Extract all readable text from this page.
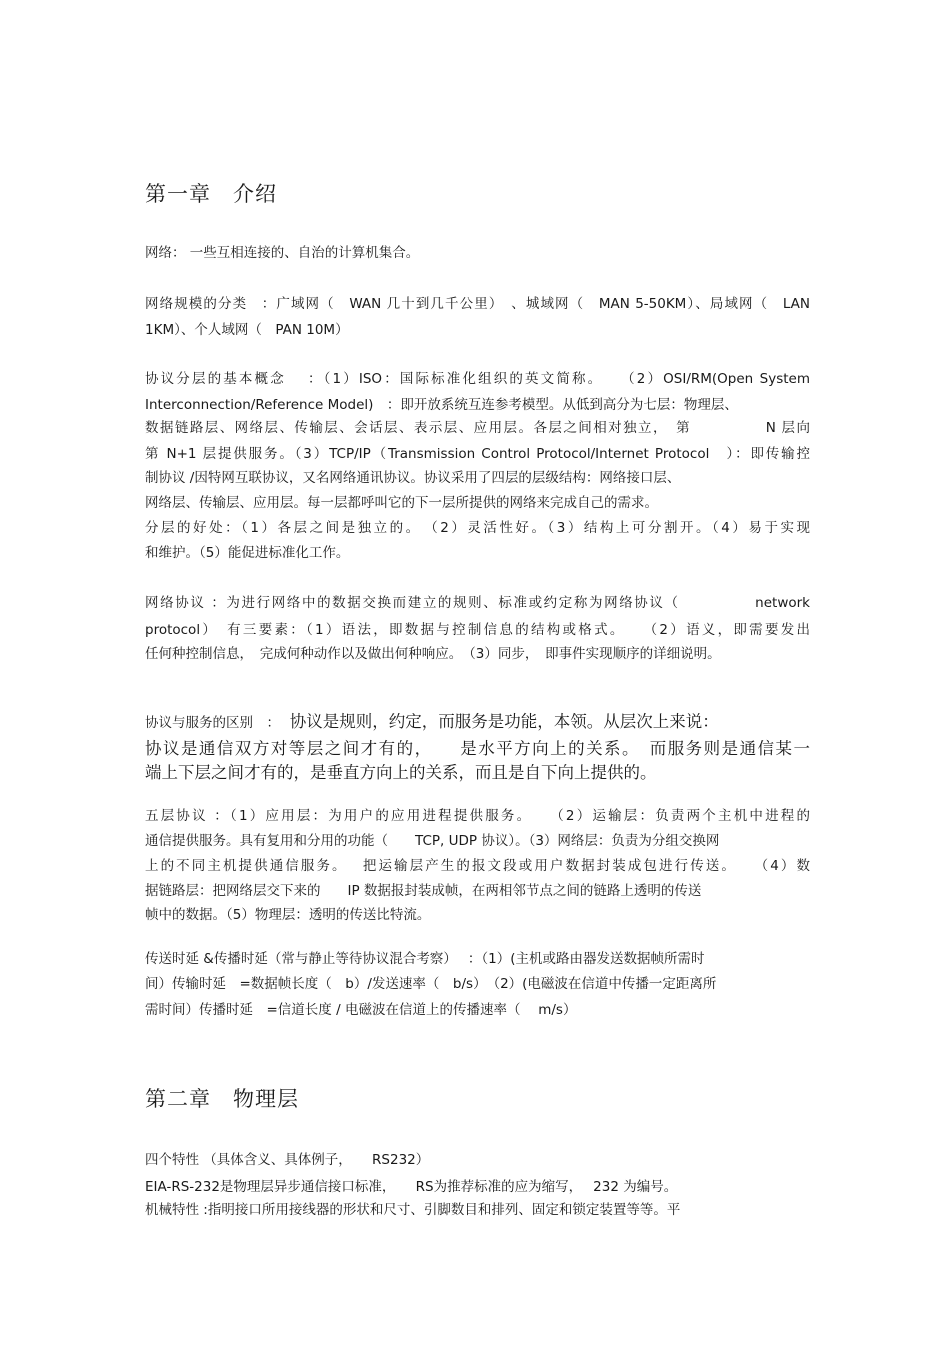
第一章　介绍
网络： 一些互相连接的、自治的计算机集合。
网络规模的分类　：广域网（　WAN 几十到几千公里）　、城域网（　MAN 5-50KM）、局域网（　LAN
1KM）、个人域网（　PAN 10M）
协议分层的基本概念　 ：（1）ISO：国际标准化组织的英文简称。　　（2）OSI/RM(Open System
Interconnection/Reference Model)　：即开放系统互连参考模型。从低到高分为七层：物理层、
数据链路层、网络层、传输层、会话层、表示层、应用层。各层之间相对独立，　第　　　　　N 层向
第 N+1 层提供服务。（3）TCP/IP（Transmission Control Protocol/Internet Protocol　）：即传输控
制协议 /因特网互联协议，又名网络通讯协议。协议采用了四层的层级结构：网络接口层、
网络层、传输层、应用层。每一层都呼叫它的下一层所提供的网络来完成自己的需求。
分层的好处：（1）各层之间是独立的。　（2）灵活性好。（3）结构上可分割开。（4）易于实现
和维护。（5）能促进标准化工作。
网络协议 ：为进行网络中的数据交换而建立的规则、标准或约定称为网络协议（　　　　　network
protocol）　有三要素：（1）语法，即数据与控制信息的结构或格式。　　（2）语义，即需要发出
任何种控制信息，　完成何种动作以及做出何种响应。　（3）同步，　即事件实现顺序的详细说明。
协议与服务的区别　：　协议是规则，约定，而服务是功能，本领。从层次上来说：
协议是通信双方对等层之间才有的，　　是水平方向上的关系。　而服务则是通信某一
端上下层之间才有的，是垂直方向上的关系，而且是自下向上提供的。
五层协议 ：（1）应用层：为用户的应用进程提供服务。　　（2）运输层：负责两个主机中进程的
通信提供服务。具有复用和分用的功能（　　TCP, UDP 协议）。（3）网络层：负责为分组交换网
上的不同主机提供通信服务。　 把运输层产生的报文段或用户数据封装成包进行传送。　　（4）数
据链路层：把网络层交下来的　　IP 数据报封装成帧，在两相邻节点之间的链路上透明的传送
帧中的数据。（5）物理层：透明的传送比特流。
传送时延 &传播时延（常与静止等待协议混合考察）　 ：（1）(主机或路由器发送数据帧所需时
间）传输时延　=数据帧长度（　b）/发送速率（　b/s）　（2）(电磁波在信道中传播一定距离所
需时间）传播时延　=信道长度 / 电磁波在信道上的传播速率（　 m/s）
第二章　物理层
四个特性 （具体含义、具体例子，　　RS232）
EIA-RS-232是物理层异步通信接口标准，　　RS为推荐标准的应为缩写，　 232 为编号。
机械特性 :指明接口所用接线器的形状和尺寸、引脚数目和排列、固定和锁定装置等等。平
